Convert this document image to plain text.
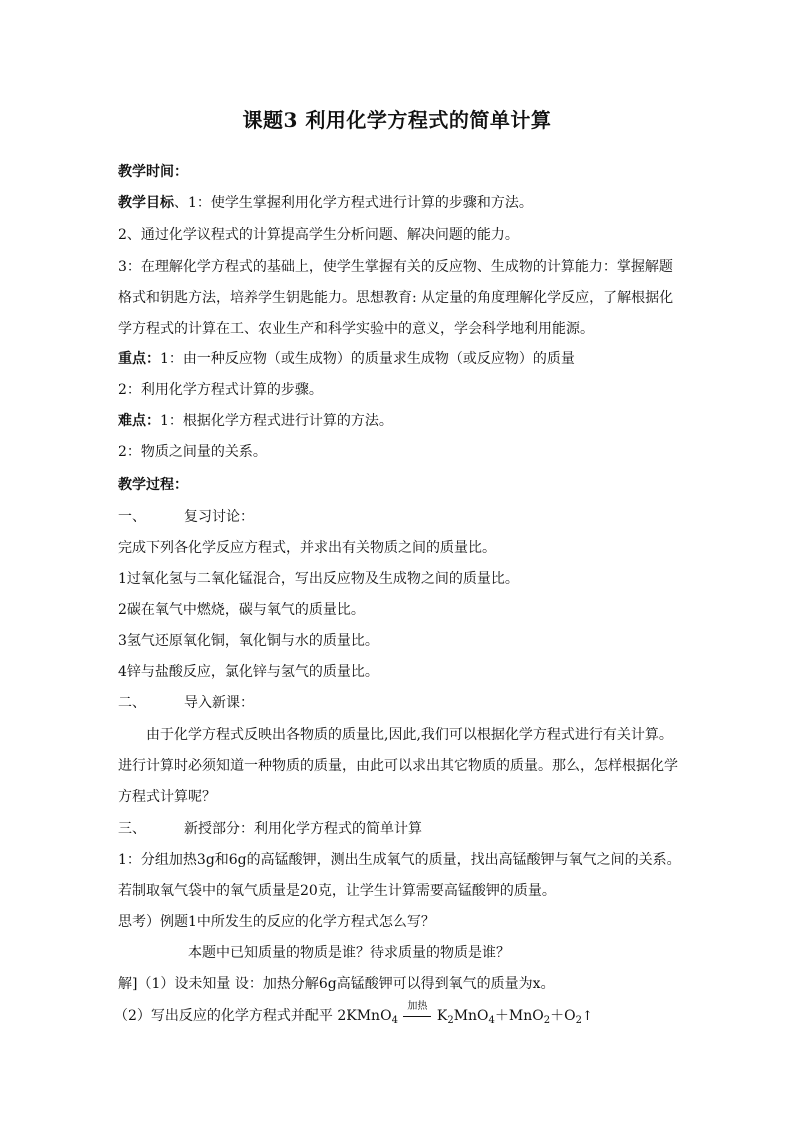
课题3 利用化学方程式的简单计算
教学时间：
教学目标、1：使学生掌握利用化学方程式进行计算的步骤和方法。
2、通过化学议程式的计算提高学生分析问题、解决问题的能力。
3：在理解化学方程式的基础上，使学生掌握有关的反应物、生成物的计算能力：掌握解题
格式和钥匙方法，培养学生钥匙能力。思想教育: 从定量的角度理解化学反应，了解根据化
学方程式的计算在工、农业生产和科学实验中的意义，学会科学地利用能源。
重点：1：由一种反应物（或生成物）的质量求生成物（或反应物）的质量
2：利用化学方程式计算的步骤。
难点：1：根据化学方程式进行计算的方法。
2：物质之间量的关系。
教学过程：
一、	复习讨论：
完成下列各化学反应方程式，并求出有关物质之间的质量比。
1过氧化氢与二氧化锰混合，写出反应物及生成物之间的质量比。
2碳在氧气中燃烧，碳与氧气的质量比。
3氢气还原氧化铜，氧化铜与水的质量比。
4锌与盐酸反应，氯化锌与氢气的质量比。
二、	导入新课：
由于化学方程式反映出各物质的质量比,因此,我们可以根据化学方程式进行有关计算。
进行计算时必须知道一种物质的质量，由此可以求出其它物质的质量。那么，怎样根据化学
方程式计算呢？
三、	新授部分：利用化学方程式的简单计算
1：分组加热3g和6g的高锰酸钾，测出生成氧气的质量，找出高锰酸钾与氧气之间的关系。
若制取氧气袋中的氧气质量是20克，让学生计算需要高锰酸钾的质量。
思考）例题1中所发生的反应的化学方程式怎么写？
本题中已知质量的物质是谁？待求质量的物质是谁？
解]（1）设未知量 设：加热分解6g高锰酸钾可以得到氧气的质量为x。
（2）写出反应的化学方程式并配平 2KMnO$_4$
加热
$K_2MnO_4+MnO_2+O_2↑$
